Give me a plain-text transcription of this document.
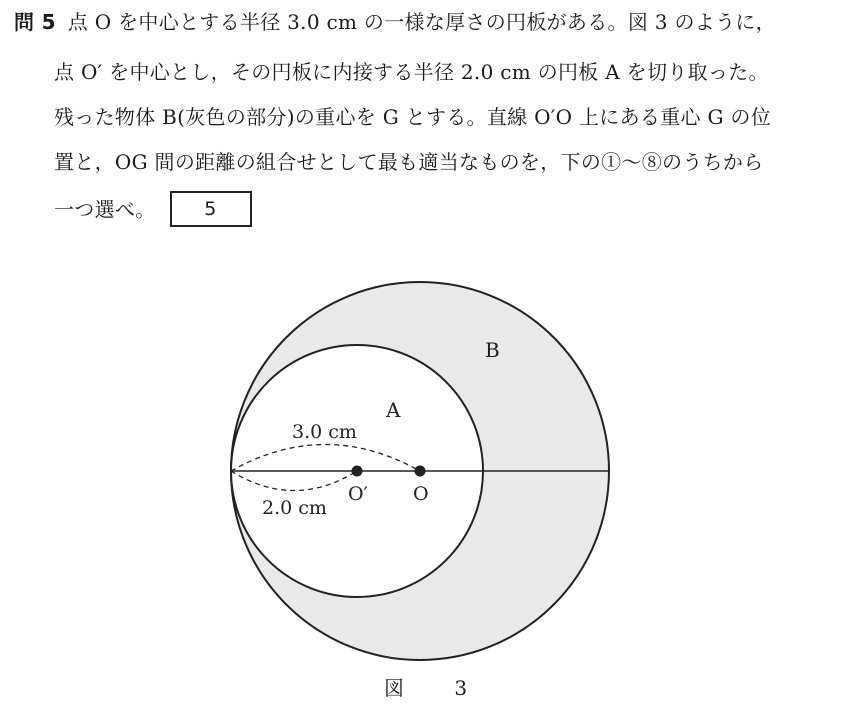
問 5 点 O を中心とする半径 3.0 cm の一様な厚さの円板がある。図 3 のように，
点 O′ を中心とし，その円板に内接する半径 2.0 cm の円板 A を切り取った。
残った物体 B(灰色の部分)の重心を G とする。直線 O′O 上にある重心 G の位
置と，OG 間の距離の組合せとして最も適当なものを，下の①～⑧のうちから
一つ選べ。	5
B
A
3.0 cm
2.0 cm
O′ O
図 3
